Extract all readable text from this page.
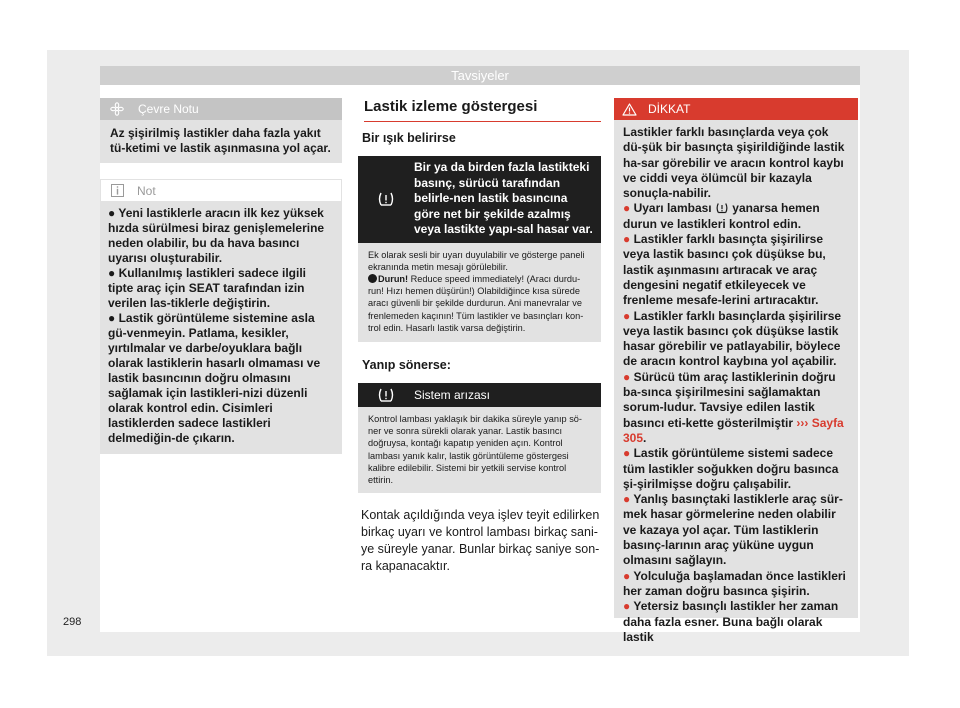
Tavsiyeler
Çevre Notu
Az şişirilmiş lastikler daha fazla yakıt tü-ketimi ve lastik aşınmasına yol açar.
Not

● Yeni lastiklerle aracın ilk kez yüksek hızda sürülmesi biraz genişlemelerine neden olabilir, bu da hava basıncı uyarısı oluşturabilir.

● Kullanılmış lastikleri sadece ilgili tipte araç için SEAT tarafından izin verilen las-tiklerle değiştirin.

● Lastik görüntüleme sistemine asla gü-venmeyin. Patlama, kesikler, yırtılmalar ve darbe/oyuklara bağlı olarak lastiklerin hasarlı olmaması ve lastik basıncının doğru olmasını sağlamak için lastikleri-nizi düzenli olarak kontrol edin. Cisimleri lastiklerden sadece lastikleri delmediğin-de çıkarın.

Lastik izleme göstergesi
Bir ışık belirirse
Bir ya da birden fazla lastikteki basınç, sürücü tarafından belirle-nen lastik basıncına göre net bir şekilde azalmış veya lastikte yapı-sal hasar var.
Ek olarak sesli bir uyarı duyulabilir ve gösterge paneli ekranında metin mesajı görülebilir.
Durun! Reduce speed immediately! (Aracı durdu-run! Hızı hemen düşürün!) Olabildiğince kısa sürede aracı güvenli bir şekilde durdurun. Ani manevralar ve frenlemeden kaçının! Tüm lastikler ve basınçları kon-trol edin. Hasarlı lastik varsa değiştirin.
Yanıp sönerse:
Sistem arızası
Kontrol lambası yaklaşık bir dakika süreyle yanıp sö-ner ve sonra sürekli olarak yanar. Lastik basıncı doğruysa, kontağı kapatıp yeniden açın. Kontrol lambası yanık kalır, lastik görüntüleme göstergesi kalibre edilebilir. Sistemi bir yetkili servise kontrol ettirin.
Kontak açıldığında veya işlev teyit edilirken birkaç uyarı ve kontrol lambası birkaç sani-ye süreyle yanar. Bunlar birkaç saniye son-ra kapanacaktır.
DİKKAT

Lastikler farklı basınçlarda veya çok dü-şük bir basınçta şişirildiğinde lastik ha-sar görebilir ve aracın kontrol kaybı ve ciddi veya ölümcül bir kazayla sonuçla-nabilir.

● Uyarı lambası  yanarsa hemen durun ve lastikleri kontrol edin.

● Lastikler farklı basınçta şişirilirse veya lastik basıncı çok düşükse bu, lastik aşınmasını artıracak ve araç dengesini negatif etkileyecek ve frenleme mesafe-lerini artıracaktır.

● Lastikler farklı basınçlarda şişirilirse veya lastik basıncı çok düşükse lastik hasar görebilir ve patlayabilir, böylece de aracın kontrol kaybına yol açabilir.

● Sürücü tüm araç lastiklerinin doğru ba-sınca şişirilmesini sağlamaktan sorum-ludur. Tavsiye edilen lastik basıncı eti-kette gösterilmiştir ››› Sayfa 305.

● Lastik görüntüleme sistemi sadece tüm lastikler soğukken doğru basınca şi-şirilmişse doğru çalışabilir.

● Yanlış basınçtaki lastiklerle araç sür-mek hasar görmelerine neden olabilir ve kazaya yol açar. Tüm lastiklerin basınç-larının araç yüküne uygun olmasını sağlayın.

● Yolculuğa başlamadan önce lastikleri her zaman doğru basınca şişirin.

● Yetersiz basınçlı lastikler her zaman daha fazla esner. Buna bağlı olarak lastik

298
